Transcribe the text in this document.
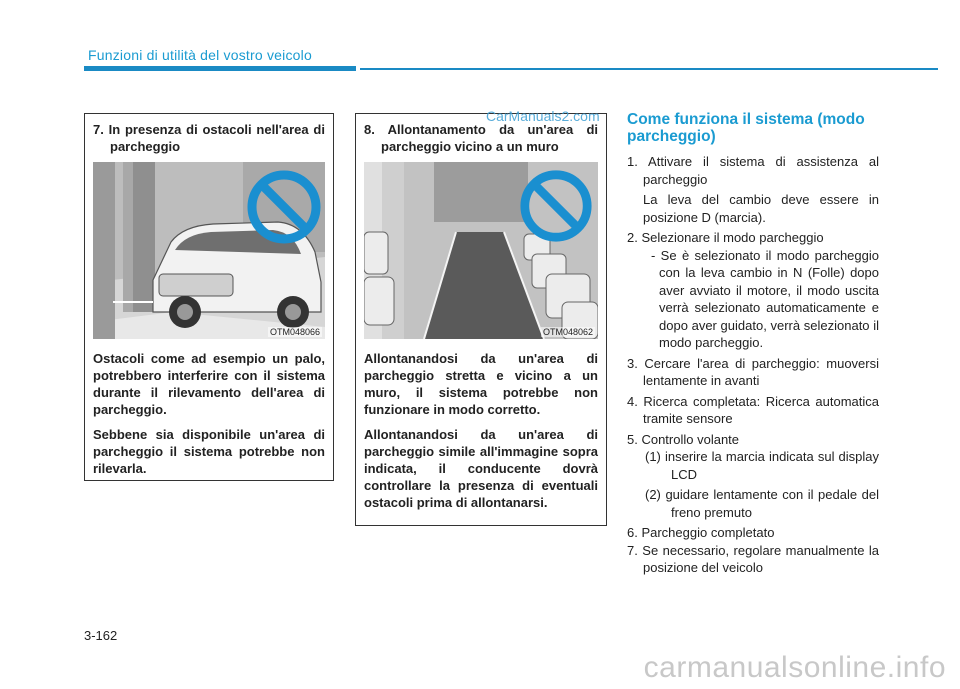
Funzioni di utilità del vostro veicolo
7. In presenza di ostacoli nell'area di parcheggio
OTM048066

Ostacoli come ad esempio un palo, potrebbero interferire con il sistema durante il rilevamento dell'area di parcheggio.

Sebbene sia disponibile un'area di parcheggio il sistema potrebbe non rilevarla.

8. Allontanamento da un'area di parcheggio vicino a un muro
OTM048062

Allontanandosi da un'area di parcheggio stretta e vicino a un muro, il sistema potrebbe non funzionare in modo corretto.

Allontanandosi da un'area di parcheggio simile all'immagine sopra indicata, il conducente dovrà controllare la presenza di eventuali ostacoli prima di allontanarsi.

CarManuals2.com Come funziona il sistema (modo parcheggio)

1. Attivare il sistema di assistenza al parcheggio

La leva del cambio deve essere in posizione D (marcia).

2. Selezionare il modo parcheggio

- Se è selezionato il modo parcheggio con la leva cambio in N (Folle) dopo aver avviato il motore, il modo uscita verrà selezionato automaticamente e dopo aver guidato, verrà selezionato il modo parcheggio.

3. Cercare l'area di parcheggio: muoversi lentamente in avanti

4. Ricerca completata: Ricerca automatica tramite sensore

5. Controllo volante

(1) inserire la marcia indicata sul display LCD

(2) guidare lentamente con il pedale del freno premuto

6. Parcheggio completato

7. Se necessario, regolare manualmente la posizione del veicolo

3-162
carmanualsonline.info
